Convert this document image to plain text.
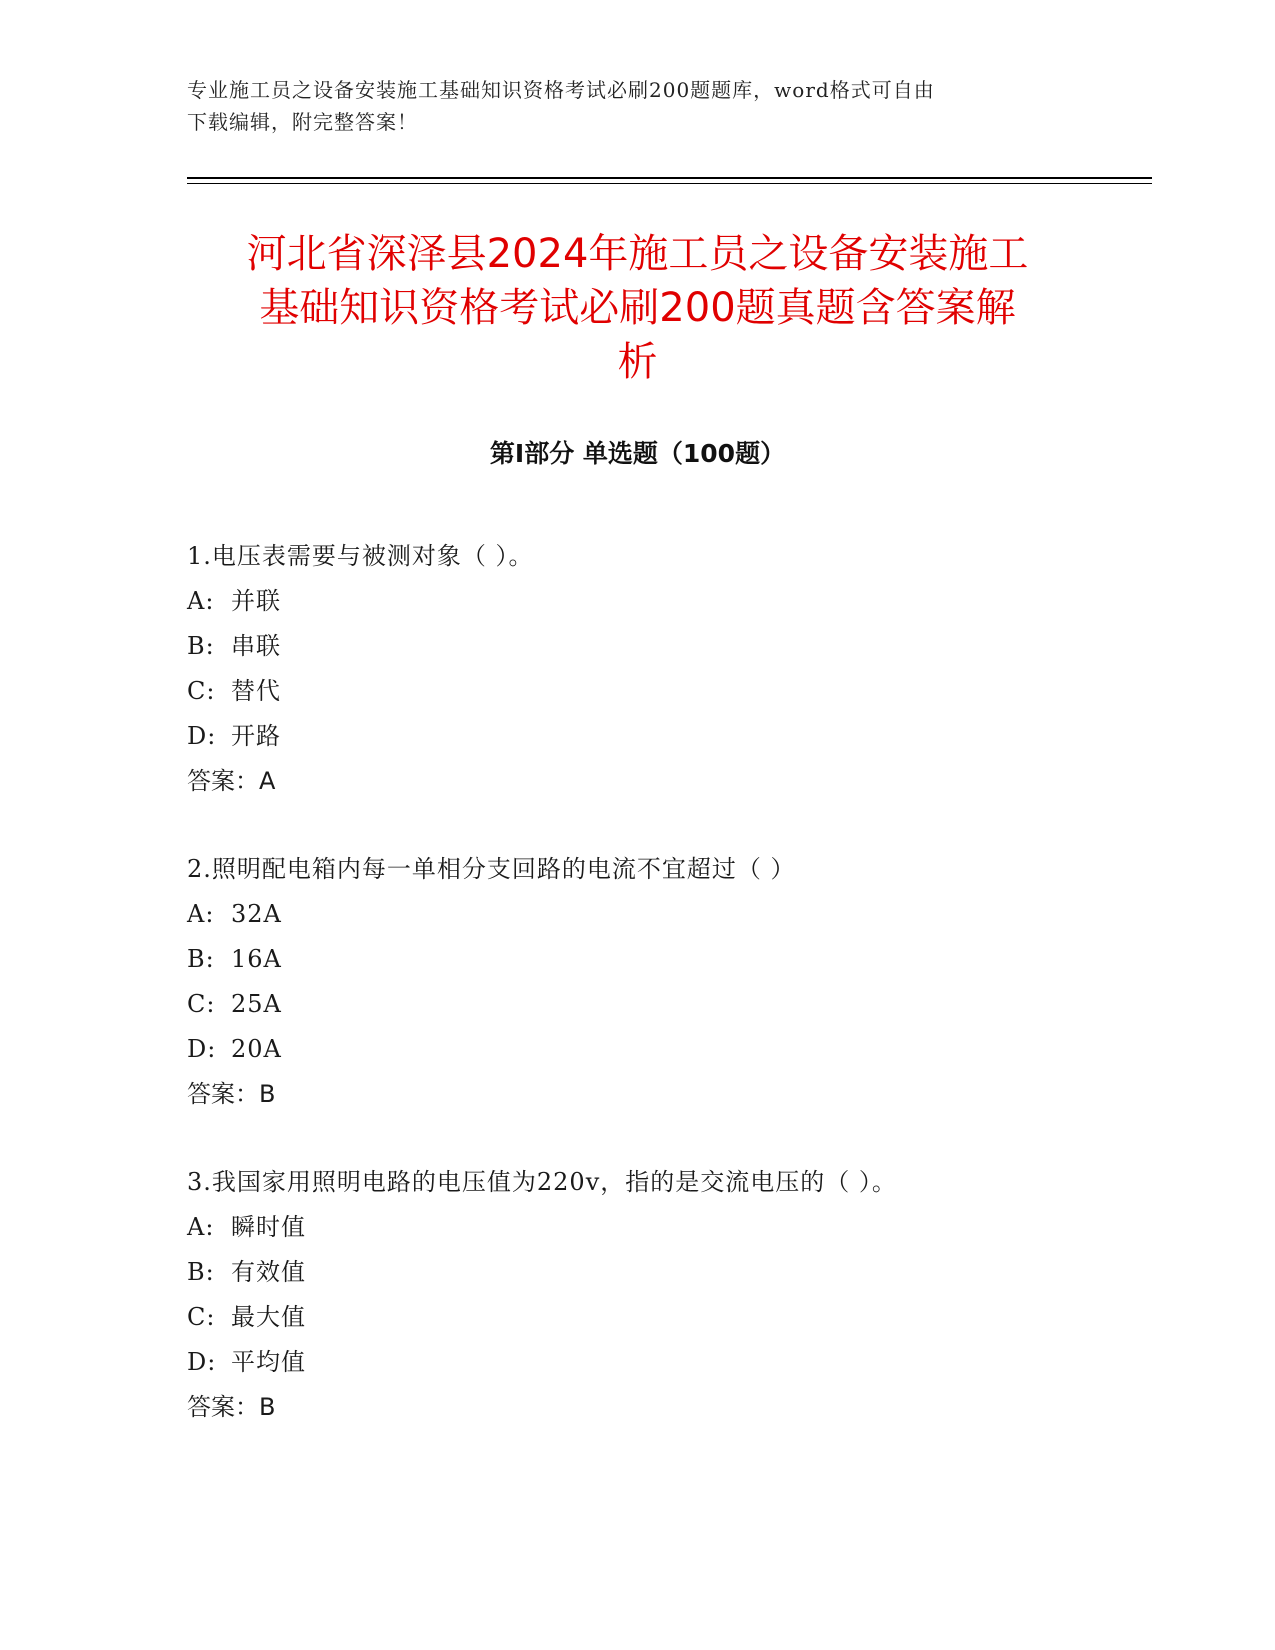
专业施工员之设备安装施工基础知识资格考试必刷200题题库，word格式可自由
下载编辑，附完整答案！
河北省深泽县2024年施工员之设备安装施工
基础知识资格考试必刷200题真题含答案解
析
第I部分 单选题（100题）
1.电压表需要与被测对象（ ）。
A: 并联
B: 串联
C: 替代
D: 开路
答案：A
2.照明配电箱内每一单相分支回路的电流不宜超过（ ）
A: 32A
B: 16A
C: 25A
D: 20A
答案：B
3.我国家用照明电路的电压值为220v，指的是交流电压的（ ）。
A: 瞬时值
B: 有效值
C: 最大值
D: 平均值
答案：B
